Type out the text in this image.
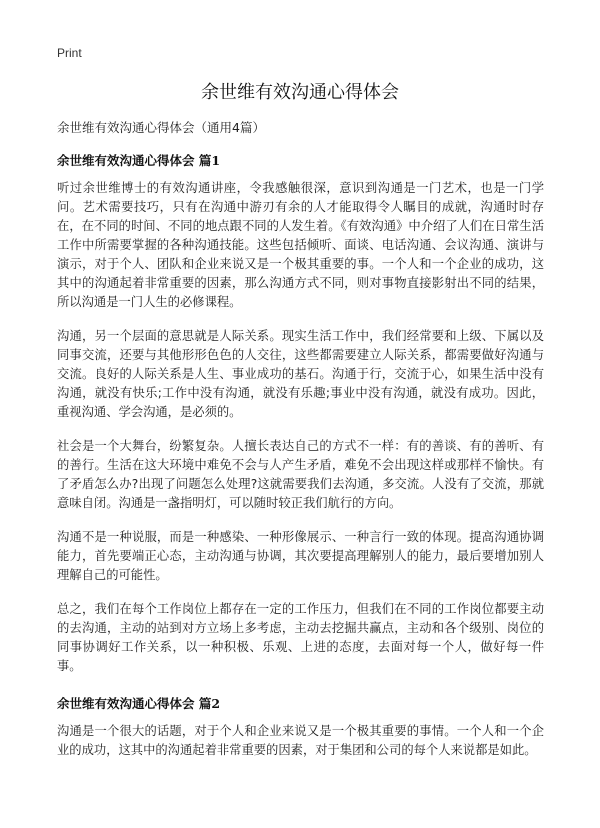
Print
余世维有效沟通心得体会

余世维有效沟通心得体会（通用4篇）

余世维有效沟通心得体会 篇1

听过余世维博士的有效沟通讲座，令我感触很深，意识到沟通是一门艺术，也是一门学问。艺术需要技巧，只有在沟通中游刃有余的人才能取得令人瞩目的成就，沟通时时存在，在不同的时间、不同的地点跟不同的人发生着。《有效沟通》中介绍了人们在日常生活工作中所需要掌握的各种沟通技能。这些包括倾听、面谈、电话沟通、会议沟通、演讲与演示，对于个人、团队和企业来说又是一个极其重要的事。一个人和一个企业的成功，这其中的沟通起着非常重要的因素，那么沟通方式不同，则对事物直接影射出不同的结果，所以沟通是一门人生的必修课程。

沟通，另一个层面的意思就是人际关系。现实生活工作中，我们经常要和上级、下属以及同事交流，还要与其他形形色色的人交往，这些都需要建立人际关系，都需要做好沟通与交流。良好的人际关系是人生、事业成功的基石。沟通于行，交流于心，如果生活中没有沟通，就没有快乐;工作中没有沟通，就没有乐趣;事业中没有沟通，就没有成功。因此，重视沟通、学会沟通，是必须的。

社会是一个大舞台，纷繁复杂。人擅长表达自己的方式不一样：有的善谈、有的善听、有的善行。生活在这大环境中难免不会与人产生矛盾，难免不会出现这样或那样不愉快。有了矛盾怎么办?出现了问题怎么处理?这就需要我们去沟通，多交流。人没有了交流，那就意味自闭。沟通是一盏指明灯，可以随时较正我们航行的方向。

沟通不是一种说服，而是一种感染、一种形像展示、一种言行一致的体现。提高沟通协调能力，首先要端正心态，主动沟通与协调，其次要提高理解别人的能力，最后要增加别人理解自己的可能性。

总之，我们在每个工作岗位上都存在一定的工作压力，但我们在不同的工作岗位都要主动的去沟通，主动的站到对方立场上多考虑，主动去挖掘共赢点，主动和各个级别、岗位的同事协调好工作关系，以一种积极、乐观、上进的态度，去面对每一个人，做好每一件事。

余世维有效沟通心得体会 篇2

沟通是一个很大的话题，对于个人和企业来说又是一个极其重要的事情。一个人和一个企业的成功，这其中的沟通起着非常重要的因素，对于集团和公司的每个人来说都是如此。
